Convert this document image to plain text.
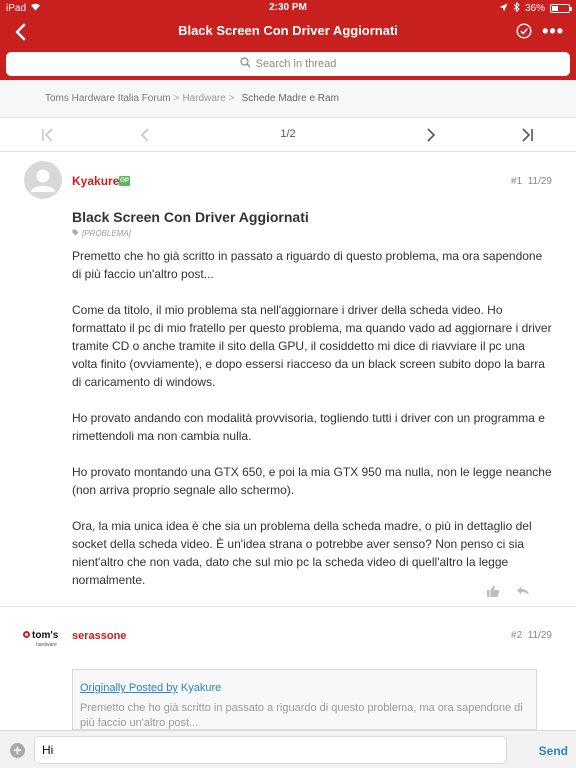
iPad	2:30 PM	36%
Black Screen Con Driver Aggiornati	•••
Search in thread
Toms Hardware Italia Forum > Hardware > Schede Madre e Ram
1/2
Kyakure OP	#1 11/29
Black Screen Con Driver Aggiornati
[PROBLEMA]

Premetto che ho già scritto in passato a riguardo di questo problema, ma ora sapendone di più faccio un'altro post...

Come da titolo, il mio problema sta nell'aggiornare i driver della scheda video. Ho formattato il pc di mio fratello per questo problema, ma quando vado ad aggiornare i driver tramite CD o anche tramite il sito della GPU, il cosiddetto mi dice di riavviare il pc una volta finito (ovviamente), e dopo essersi riacceso da un black screen subito dopo la barra di caricamento di windows.

Ho provato andando con modalità provvisoria, togliendo tutti i driver con un programma e rimettendoli ma non cambia nulla.

Ho provato montando una GTX 650, e poi la mia GTX 950 ma nulla, non le legge neanche (non arriva proprio segnale allo schermo).

Ora, la mia unica idea è che sia un problema della scheda madre, o più in dettaglio del socket della scheda video. È un'idea strana o potrebbe aver senso? Non penso ci sia nient'altro che non vada, dato che sul mio pc la scheda video di quell'altro la legge normalmente.

tom's
hardware
serassone	#2 11/29
Originally Posted by Kyakure
Premetto che ho già scritto in passato a riguardo di questo problema, ma ora sapendone di più faccio un'altro post...
+
Hi	Send
